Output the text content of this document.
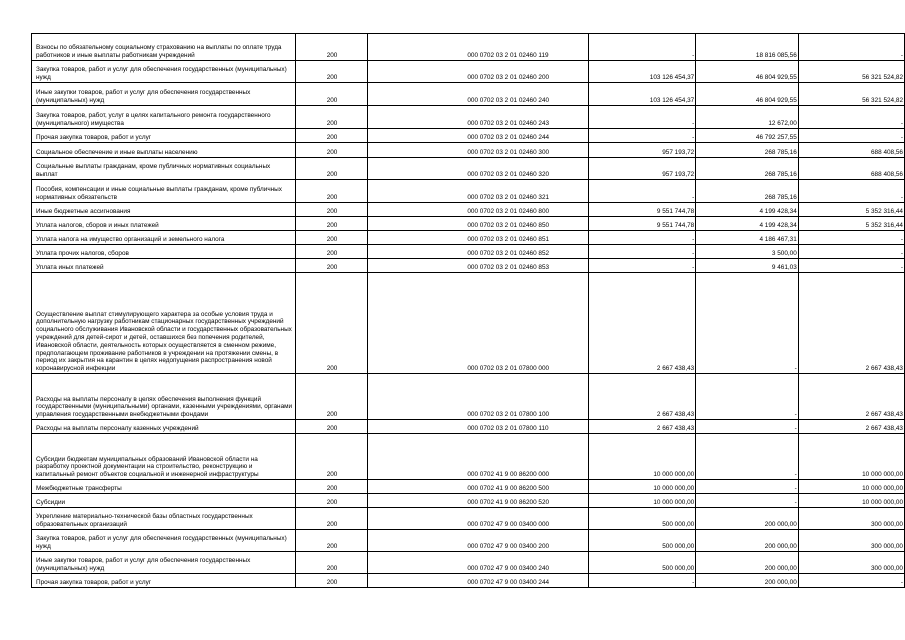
Взносы по обязательному социальному страхованию на выплаты по оплате труда работников и иные выплаты работникам учреждений	200	000 0702 03 2 01 02460 119	-	18 816 085,56	-
Закупка товаров, работ и услуг для обеспечения государственных (муниципальных) нужд	200	000 0702 03 2 01 02460 200	103 126 454,37	46 804 929,55	56 321 524,82
Иные закупки товаров, работ и услуг для обеспечения государственных (муниципальных) нужд	200	000 0702 03 2 01 02460 240	103 126 454,37	46 804 929,55	56 321 524,82
Закупка товаров, работ, услуг в целях капитального ремонта государственного (муниципального) имущества	200	000 0702 03 2 01 02460 243	-	12 672,00	-
Прочая закупка товаров, работ и услуг	200	000 0702 03 2 01 02460 244	-	46 792 257,55	-
Социальное обеспечение и иные выплаты населению	200	000 0702 03 2 01 02460 300	957 193,72	268 785,16	688 408,56
Социальные выплаты гражданам, кроме публичных нормативных социальных выплат	200	000 0702 03 2 01 02460 320	957 193,72	268 785,16	688 408,56
Пособия, компенсации и иные социальные выплаты гражданам, кроме публичных нормативных обязательств	200	000 0702 03 2 01 02460 321	-	268 785,16	-
Иные бюджетные ассигнования	200	000 0702 03 2 01 02460 800	9 551 744,78	4 199 428,34	5 352 316,44
Уплата налогов, сборов и иных платежей	200	000 0702 03 2 01 02460 850	9 551 744,78	4 199 428,34	5 352 316,44
Уплата налога на имущество организаций и земельного налога	200	000 0702 03 2 01 02460 851	-	4 186 467,31	-
Уплата прочих налогов, сборов	200	000 0702 03 2 01 02460 852	-	3 500,00	-
Уплата иных платежей	200	000 0702 03 2 01 02460 853	-	9 461,03	-
Осуществление выплат стимулирующего характера за особые условия труда и дополнительную нагрузку работникам стационарных государственных учреждений социального обслуживания Ивановской области и государственных образовательных учреждений для детей-сирот и детей, оставшихся без попечения родителей, Ивановской области, деятельность которых осуществляется в сменном режиме, предполагающем проживание работников в учреждении на протяжении смены, в период их закрытия на карантин в целях недопущения распространения новой коронавирусной инфекции	200	000 0702 03 2 01 07800 000	2 667 438,43	-	2 667 438,43
Расходы на выплаты персоналу в целях обеспечения выполнения функций государственными (муниципальными) органами, казенными учреждениями, органами управления государственными внебюджетными фондами	200	000 0702 03 2 01 07800 100	2 667 438,43	-	2 667 438,43
Расходы на выплаты персоналу казенных учреждений	200	000 0702 03 2 01 07800 110	2 667 438,43	-	2 667 438,43
Субсидии бюджетам муниципальных образований Ивановской области на разработку проектной документации на строительство, реконструкцию и капитальный ремонт объектов социальной и инженерной инфраструктуры	200	000 0702 41 9 00 86200 000	10 000 000,00	-	10 000 000,00
Межбюджетные трансферты	200	000 0702 41 9 00 86200 500	10 000 000,00	-	10 000 000,00
Субсидии	200	000 0702 41 9 00 86200 520	10 000 000,00	-	10 000 000,00
Укрепление материально-технической базы областных государственных образовательных организаций	200	000 0702 47 9 00 03400 000	500 000,00	200 000,00	300 000,00
Закупка товаров, работ и услуг для обеспечения государственных (муниципальных) нужд	200	000 0702 47 9 00 03400 200	500 000,00	200 000,00	300 000,00
Иные закупки товаров, работ и услуг для обеспечения государственных (муниципальных) нужд	200	000 0702 47 9 00 03400 240	500 000,00	200 000,00	300 000,00
Прочая закупка товаров, работ и услуг	200	000 0702 47 9 00 03400 244	-	200 000,00	-
